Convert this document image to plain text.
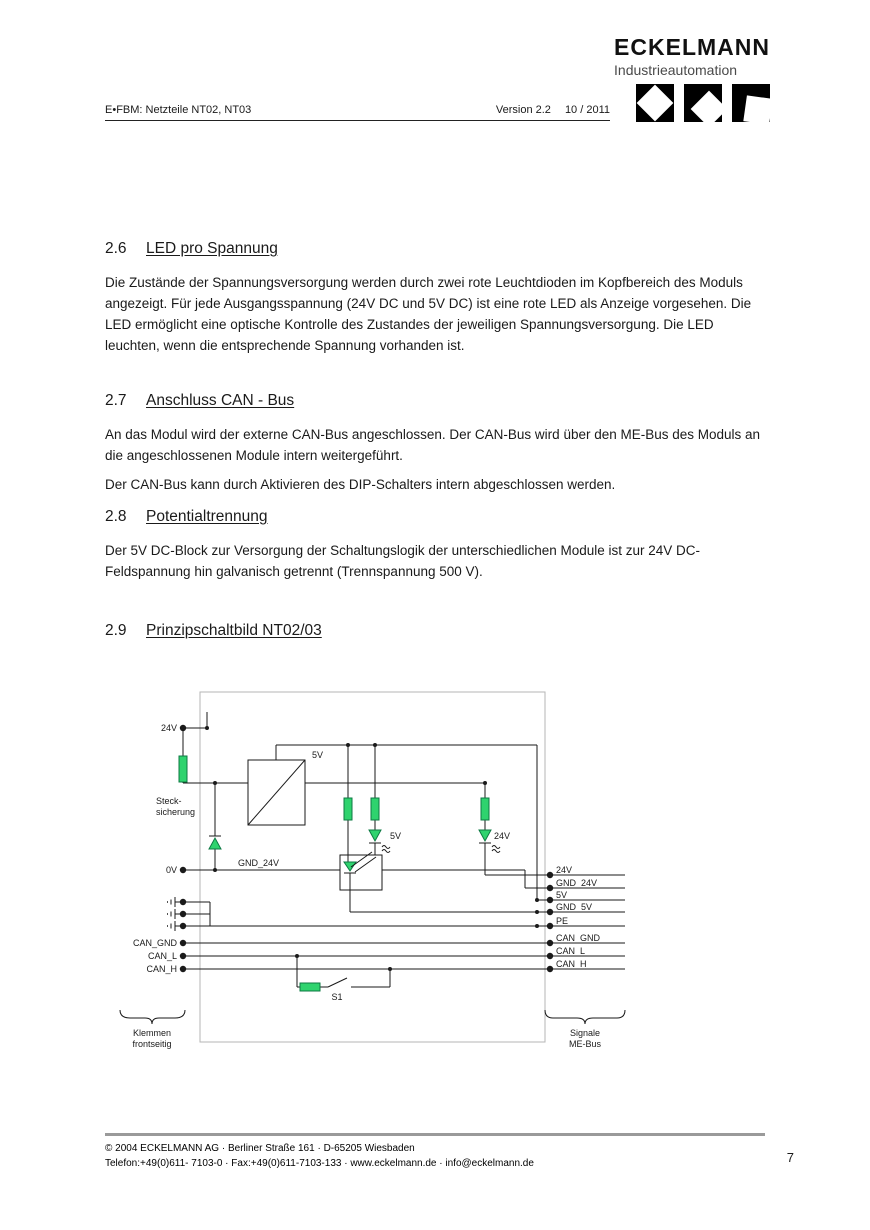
ECKELMANN
Industrieautomation
E•FBM: Netzteile NT02, NT03	Version 2.2 10 / 2011
2.6 LED pro Spannung

Die Zustände der Spannungsversorgung werden durch zwei rote Leuchtdioden im Kopfbereich des Moduls angezeigt. Für jede Ausgangsspannung (24V DC und 5V DC) ist eine rote LED als Anzeige vorgesehen. Die LED ermöglicht eine optische Kontrolle des Zustandes der jeweiligen Spannungsversorgung. Die LED leuchten, wenn die entsprechende Spannung vorhanden ist.

2.7 Anschluss CAN - Bus

An das Modul wird der externe CAN-Bus angeschlossen. Der CAN-Bus wird über den ME-Bus des Moduls an die angeschlossenen Module intern weitergeführt.

Der CAN-Bus kann durch Aktivieren des DIP-Schalters intern abgeschlossen werden.

2.8 Potentialtrennung

Der 5V DC-Block zur Versorgung der Schaltungslogik der unterschiedlichen Module ist zur 24V DC-Feldspannung hin galvanisch getrennt (Trennspannung 500 V).

2.9 Prinzipschaltbild NT02/03
24V
Steck-
sicherung
0V
CAN_GND
CAN_L
CAN_H
5V
GND_24V
5V	24V
S1
24V
GND_24V
5V
GND_5V
PE
CAN_GND
CAN_L
CAN_H
Klemmen
frontseitig
Signale
ME-Bus
© 2004 ECKELMANN AG · Berliner Straße 161 · D-65205 Wiesbaden
Telefon:+49(0)611- 7103-0 · Fax:+49(0)611-7103-133 · www.eckelmann.de · info@eckelmann.de	7
